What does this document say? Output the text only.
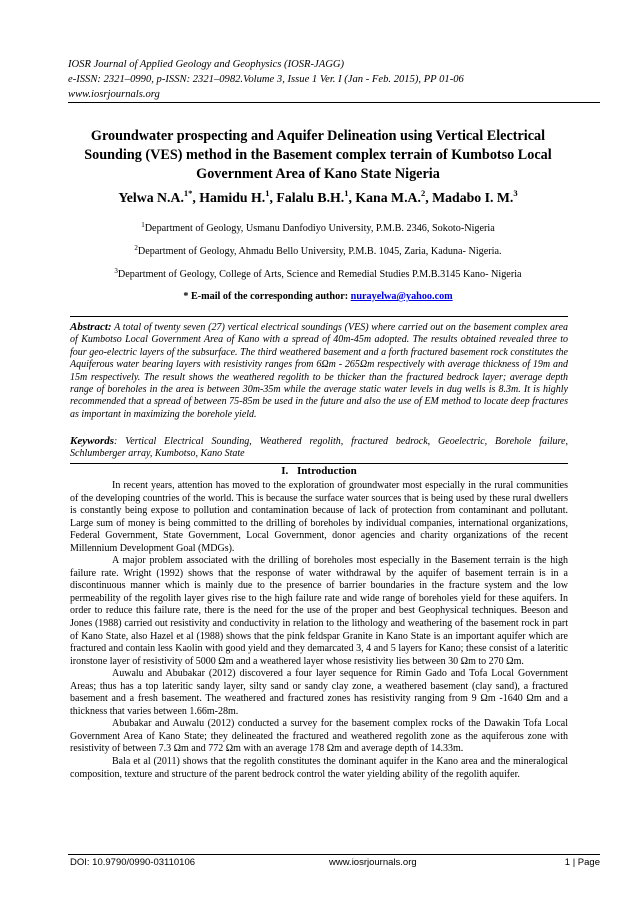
IOSR Journal of Applied Geology and Geophysics (IOSR-JAGG)
e-ISSN: 2321–0990, p-ISSN: 2321–0982.Volume 3, Issue 1 Ver. I (Jan - Feb. 2015), PP 01-06
www.iosrjournals.org
Groundwater prospecting and Aquifer Delineation using Vertical Electrical Sounding (VES) method in the Basement complex terrain of Kumbotso Local Government Area of Kano State Nigeria
Yelwa N.A.$^{1*}$, Hamidu H.$^1$, Falalu B.H.$^1$, Kana M.A.$^2$, Madabo I. M.$^3$
$^1$Department of Geology, Usmanu Danfodiyo University, P.M.B. 2346, Sokoto-Nigeria
$^2$Department of Geology, Ahmadu Bello University, P.M.B. 1045, Zaria, Kaduna- Nigeria.
$^3$Department of Geology, College of Arts, Science and Remedial Studies P.M.B.3145 Kano- Nigeria
* E-mail of the corresponding author: nurayelwa@yahoo.com
Abstract: A total of twenty seven (27) vertical electrical soundings (VES) where carried out on the basement complex area of Kumbotso Local Government Area of Kano with a spread of 40m-45m adopted. The results obtained revealed three to four geo-electric layers of the subsurface. The third weathered basement and a forth fractured basement rock constitutes the Aquiferous water bearing layers with resistivity ranges from 6Ωm - 265Ωm respectively with average thickness of 19m and 15m respectively. The result shows the weathered regolith to be thicker than the fractured bedrock layer; average depth range of boreholes in the area is between 30m-35m while the average static water levels in dug wells is 8.3m. It is highly recommended that a spread of between 75-85m be used in the future and also the use of EM method to locate deep fractures as important in maximizing the borehole yield.
Keywords: Vertical Electrical Sounding, Weathered regolith, fractured bedrock, Geoelectric, Borehole failure, Schlumberger array, Kumbotso, Kano State
I. Introduction

In recent years, attention has moved to the exploration of groundwater most especially in the rural communities of the developing countries of the world. This is because the surface water sources that is being used by these rural dwellers is constantly being expose to pollution and contamination because of lack of protection from contaminant and pollutant. Large sum of money is being committed to the drilling of boreholes by individual companies, international organizations, Federal Government, State Government, Local Government, donor agencies and charity organizations of the recent Millennium Development Goal (MDGs).

A major problem associated with the drilling of boreholes most especially in the Basement terrain is the high failure rate. Wright (1992) shows that the response of water withdrawal by the aquifer of basement terrain is in a discontinuous manner which is mainly due to the presence of barrier boundaries in the fracture system and the low permeability of the regolith layer gives rise to the high failure rate and wide range of boreholes yield for these aquifers. In order to reduce this failure rate, there is the need for the use of the proper and best Geophysical techniques. Beeson and Jones (1988) carried out resistivity and conductivity in relation to the lithology and weathering of the basement rock in part of Kano State, also Hazel et al (1988) shows that the pink feldspar Granite in Kano State is an important aquifer which are fractured and contain less Kaolin with good yield and they demarcated 3, 4 and 5 layers for Kano; these consist of a lateritic ironstone layer of resistivity of 5000 Ωm and a weathered layer whose resistivity lies between 30 Ωm to 270 Ωm.

Auwalu and Abubakar (2012) discovered a four layer sequence for Rimin Gado and Tofa Local Government Areas; thus has a top lateritic sandy layer, silty sand or sandy clay zone, a weathered basement (clay sand), a fractured basement and a fresh basement. The weathered and fractured zones has resistivity ranging from 9 Ωm -1640 Ωm and a thickness that varies between 1.66m-28m.

Abubakar and Auwalu (2012) conducted a survey for the basement complex rocks of the Dawakin Tofa Local Government Area of Kano State; they delineated the fractured and weathered regolith zone as the aquiferous zone with resistivity of between 7.3 Ωm and 772 Ωm with an average 178 Ωm and average depth of 14.33m.

Bala et al (2011) shows that the regolith constitutes the dominant aquifer in the Kano area and the mineralogical composition, texture and structure of the parent bedrock control the water yielding ability of the regolith aquifer.

DOI: 10.9790/0990-03110106	www.iosrjournals.org	1 | Page
